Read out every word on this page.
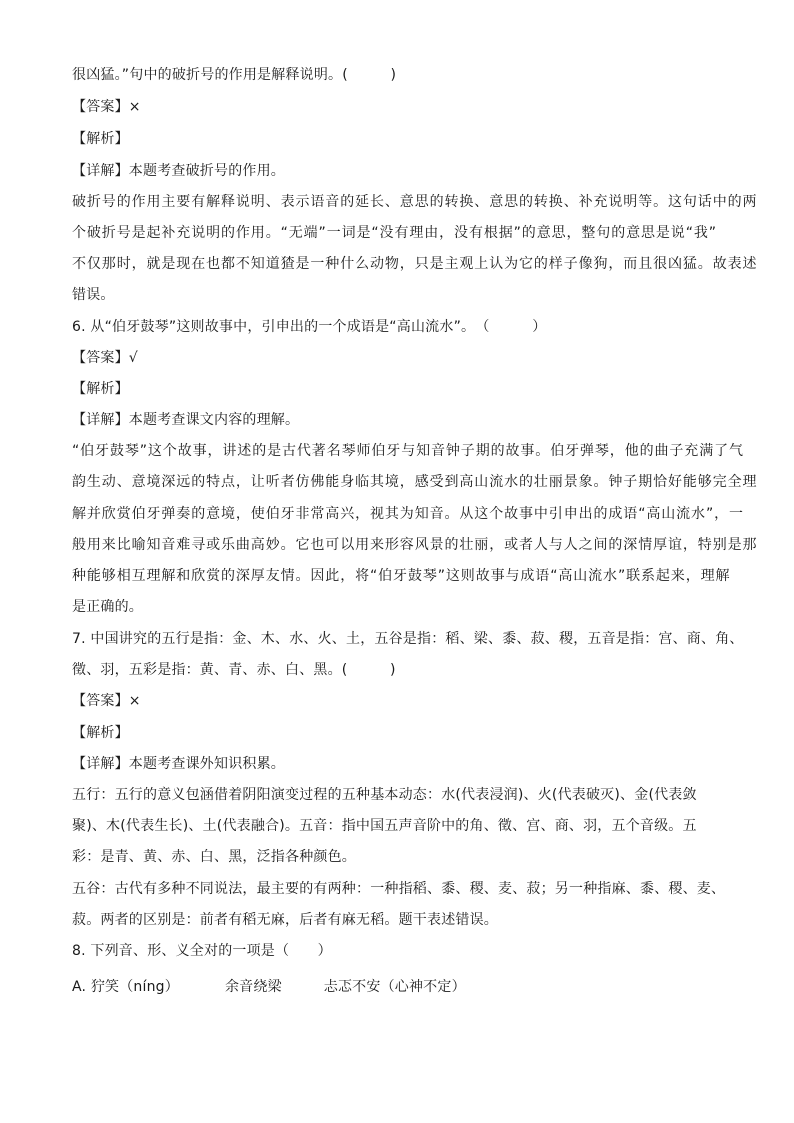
很凶猛。”句中的破折号的作用是解释说明。(　　　)
【答案】×
【解析】
【详解】本题考查破折号的作用。
破折号的作用主要有解释说明、表示语音的延长、意思的转换、意思的转换、补充说明等。这句话中的两
个破折号是起补充说明的作用。“无端”一词是“没有理由，没有根据”的意思，整句的意思是说“我”
不仅那时，就是现在也都不知道猹是一种什么动物，只是主观上认为它的样子像狗，而且很凶猛。故表述
错误。
6. 从“伯牙鼓琴”这则故事中，引申出的一个成语是“高山流水”。　（　　　）
【答案】√
【解析】
【详解】本题考查课文内容的理解。
“伯牙鼓琴”这个故事，讲述的是古代著名琴师伯牙与知音钟子期的故事。伯牙弹琴，他的曲子充满了气
韵生动、意境深远的特点，让听者仿佛能身临其境，感受到高山流水的壮丽景象。钟子期恰好能够完全理
解并欣赏伯牙弹奏的意境，使伯牙非常高兴，视其为知音。从这个故事中引申出的成语“高山流水”，一
般用来比喻知音难寻或乐曲高妙。它也可以用来形容风景的壮丽，或者人与人之间的深情厚谊，特别是那
种能够相互理解和欣赏的深厚友情。因此，将“伯牙鼓琴”这则故事与成语“高山流水”联系起来，理解
是正确的。
7. 中国讲究的五行是指：金、木、水、火、土，五谷是指：稻、梁、黍、菽、稷，五音是指：宫、商、角、
徵、羽，五彩是指：黄、青、赤、白、黑。(　　　)
【答案】×
【解析】
【详解】本题考查课外知识积累。
五行：五行的意义包涵借着阴阳演变过程的五种基本动态：水(代表浸润)、火(代表破灭)、金(代表敛
聚)、木(代表生长)、土(代表融合)。五音：指中国五声音阶中的角、徵、宫、商、羽，五个音级。五
彩：是青、黄、赤、白、黑，泛指各种颜色。
五谷：古代有多种不同说法，最主要的有两种：一种指稻、黍、稷、麦、菽；另一种指麻、黍、稷、麦、
菽。两者的区别是：前者有稻无麻，后者有麻无稻。题干表述错误。
8. 下列音、形、义全对的一项是（　　）
A. 狞笑（níng）	余音绕梁	忐忑不安（心神不定）
